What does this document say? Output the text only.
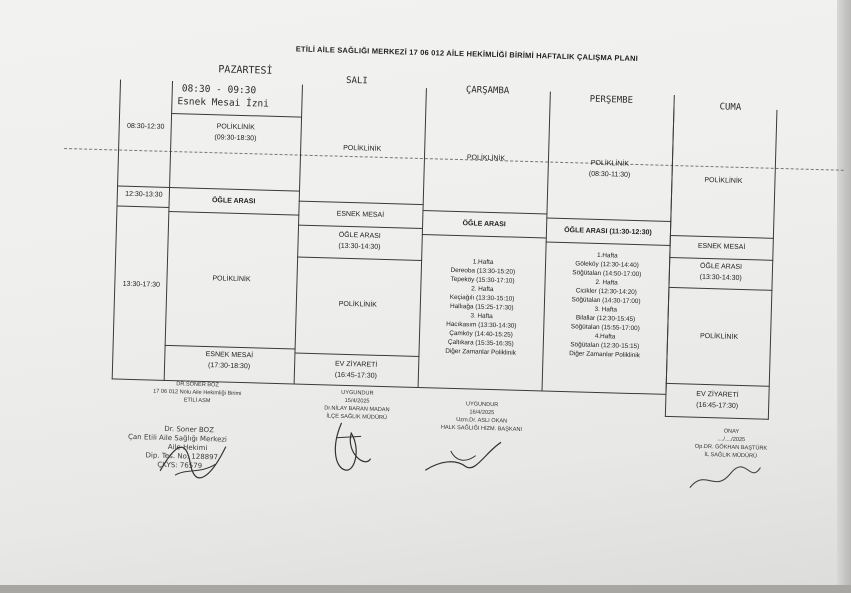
ETİLİ AİLE SAĞLIĞI MERKEZİ 17 06 012 AİLE HEKİMLİĞİ BİRİMİ HAFTALIK ÇALIŞMA PLANI
PAZARTESİ
SALI
ÇARŞAMBA
PERŞEMBE
CUMA
08:30-12:30
12:30-13:30
13:30-17:30
08:30 - 09:30
Esnek Mesai İzni
POLİKLİNİK
(09:30-18:30)
ÖĞLE ARASI
POLİKLİNİK
ESNEK MESAİ
(17:30-18:30)
POLİKLİNİK
ESNEK MESAİ
ÖĞLE ARASI
(13:30-14:30)
POLİKLİNİK
EV ZİYARETİ
(16:45-17:30)
POLİKLİNİK
ÖĞLE ARASI
1.Hafta
Dereoba (13:30-15:20)
Tepeköy (15:30-17:10)
2. Hafta
Keçiağılı (13:30-15:10)
Hallıağa (15:25-17:30)
3. Hafta
Hacıkasım (13:30-14:30)
Çamköy (14:40-15:25)
Çaltıkara (15:35-16:35)
Diğer Zamanlar Poliklinik
POLİKLİNİK
(08:30-11:30)
ÖĞLE ARASI (11:30-12:30)
1.Hafta
Göleköy (12:30-14:40)
Söğütalan (14:50-17:00)
2. Hafta
Cicikler (12:30-14:20)
Söğütalan (14:30-17:00)
3. Hafta
Bilallar (12:30-15:45)
Söğütalan (15:55-17:00)
4.Hafta
Söğütalan (12:30-15:15)
Diğer Zamanlar Poliklinik
POLİKLİNİK
ESNEK MESAİ
ÖĞLE ARASI
(13:30-14:30)
POLİKLİNİK
EV ZİYARETİ
(16:45-17:30)
DR.SONER BOZ
17 06 012 Nolu Aile Hekimliği Birimi
ETİLİ ASM
Dr. Soner BOZ
Çan Etili Aile Sağlığı Merkezi
Aile Hekimi
Dip. Tes. No: 128897
ÇKYS: 76579
UYGUNDUR
15/4/2025
Dr.NİLAY BARAN MADAN
İLÇE SAĞLIK MÜDÜRÜ
UYGUNDUR
16/4/2025
Uzm.Dr. ASLI OKAN
HALK SAĞLIĞI HİZM. BAŞKANI	ONAY
..../..../2025
Op.DR. GÖKHAN BAŞTÜRK
İL SAĞLIK MÜDÜRÜ
